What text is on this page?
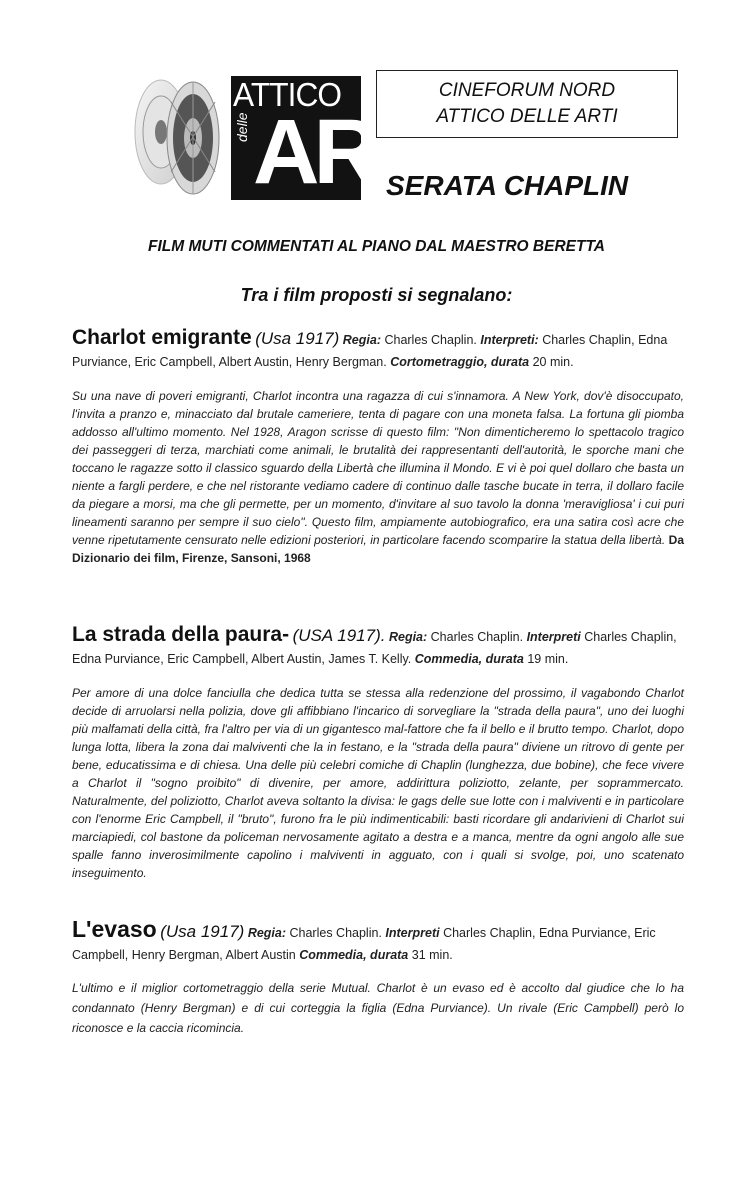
ATTICO
delle ARTI
CINEFORUM NORD
ATTICO DELLE ARTI
SERATA CHAPLIN
FILM MUTI COMMENTATI AL PIANO DAL MAESTRO BERETTA
Tra i film proposti si segnalano:
Charlot emigrante (Usa 1917) Regia: Charles Chaplin. Interpreti: Charles Chaplin, Edna Purviance, Eric Campbell, Albert Austin, Henry Bergman. Cortometraggio, durata 20 min.

Su una nave di poveri emigranti, Charlot incontra una ragazza di cui s'innamora. A New York, dov'è disoccupato, l'invita a pranzo e, minacciato dal brutale cameriere, tenta di pagare con una moneta falsa. La fortuna gli piomba addosso all'ultimo momento. Nel 1928, Aragon scrisse di questo film: "Non dimenticheremo lo spettacolo tragico dei passeggeri di terza, marchiati come animali, le brutalità dei rappresentanti dell'autorità, le sporche mani che toccano le ragazze sotto il classico sguardo della Libertà che illumina il Mondo. E vi è poi quel dollaro che basta un niente a fargli perdere, e che nel ristorante vediamo cadere di continuo dalle tasche bucate in terra, il dollaro facile da piegare a morsi, ma che gli permette, per un momento, d'invitare al suo tavolo la donna 'meravigliosa' i cui puri lineamenti saranno per sempre il suo cielo". Questo film, ampiamente autobiografico, era una satira così acre che venne ripetutamente censurato nelle edizioni posteriori, in particolare facendo scomparire la statua della libertà. Da Dizionario dei film, Firenze, Sansoni, 1968

La strada della paura- (USA 1917). Regia: Charles Chaplin. Interpreti Charles Chaplin, Edna Purviance, Eric Campbell, Albert Austin, James T. Kelly. Commedia, durata 19 min.

Per amore di una dolce fanciulla che dedica tutta se stessa alla redenzione del prossimo, il vagabondo Charlot decide di arruolarsi nella polizia, dove gli affibbiano l'incarico di sorvegliare la "strada della paura", uno dei luoghi più malfamati della città, fra l'altro per via di un gigantesco mal-fattore che fa il bello e il brutto tempo. Charlot, dopo lunga lotta, libera la zona dai malviventi che la in festano, e la "strada della paura" diviene un ritrovo di gente per bene, educatissima e di chiesa. Una delle più celebri comiche di Chaplin (lunghezza, due bobine), che fece vivere a Charlot il "sogno proibito" di divenire, per amore, addirittura poliziotto, zelante, per soprammercato. Naturalmente, del poliziotto, Charlot aveva soltanto la divisa: le gags delle sue lotte con i malviventi e in particolare con l'enorme Eric Campbell, il "bruto", furono fra le più indimenticabili: basti ricordare gli andarivieni di Charlot sui marciapiedi, col bastone da policeman nervosamente agitato a destra e a manca, mentre da ogni angolo alle sue spalle fanno inverosimilmente capolino i malviventi in agguato, con i quali si svolge, poi, uno scatenato inseguimento.

L'evaso (Usa 1917) Regia: Charles Chaplin. Interpreti Charles Chaplin, Edna Purviance, Eric Campbell, Henry Bergman, Albert Austin Commedia, durata 31 min.

L'ultimo e il miglior cortometraggio della serie Mutual. Charlot è un evaso ed è accolto dal giudice che lo ha condannato (Henry Bergman) e di cui corteggia la figlia (Edna Purviance). Un rivale (Eric Campbell) però lo riconosce e la caccia ricomincia.
